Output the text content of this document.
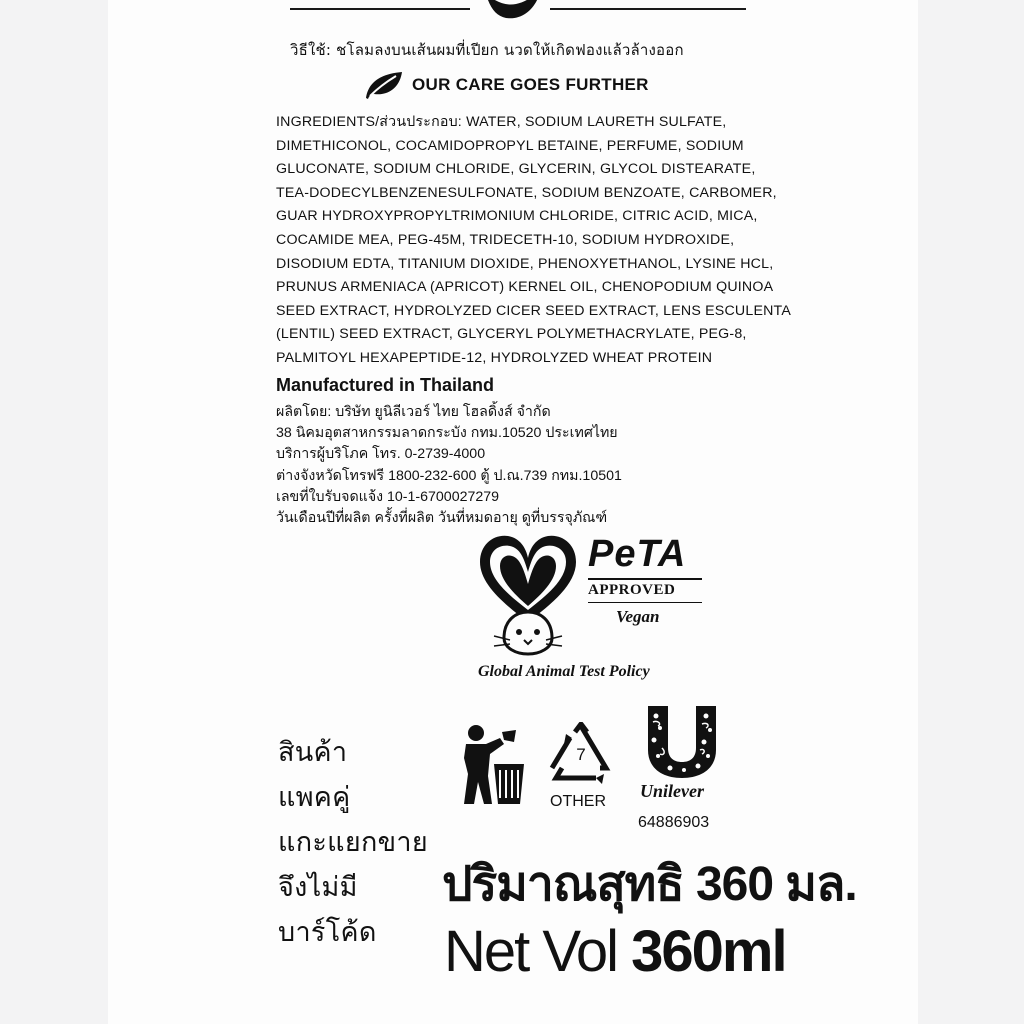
วิธีใช้: ชโลมลงบนเส้นผมที่เปียก นวดให้เกิดฟองแล้วล้างออก
OUR CARE GOES FURTHER
INGREDIENTS/ส่วนประกอบ: WATER, SODIUM LAURETH SULFATE,
DIMETHICONOL, COCAMIDOPROPYL BETAINE, PERFUME, SODIUM
GLUCONATE, SODIUM CHLORIDE, GLYCERIN, GLYCOL DISTEARATE,
TEA-DODECYLBENZENESULFONATE, SODIUM BENZOATE, CARBOMER,
GUAR HYDROXYPROPYLTRIMONIUM CHLORIDE, CITRIC ACID, MICA,
COCAMIDE MEA, PEG-45M, TRIDECETH-10, SODIUM HYDROXIDE,
DISODIUM EDTA, TITANIUM DIOXIDE, PHENOXYETHANOL, LYSINE HCL,
PRUNUS ARMENIACA (APRICOT) KERNEL OIL, CHENOPODIUM QUINOA
SEED EXTRACT, HYDROLYZED CICER SEED EXTRACT, LENS ESCULENTA
(LENTIL) SEED EXTRACT, GLYCERYL POLYMETHACRYLATE, PEG-8,
PALMITOYL HEXAPEPTIDE-12, HYDROLYZED WHEAT PROTEIN
Manufactured in Thailand
ผลิตโดย: บริษัท ยูนิลีเวอร์ ไทย โฮลดิ้งส์ จำกัด
38 นิคมอุตสาหกรรมลาดกระบัง กทม.10520 ประเทศไทย
บริการผู้บริโภค โทร. 0-2739-4000
ต่างจังหวัดโทรฟรี 1800-232-600 ตู้ ป.ณ.739 กทม.10501
เลขที่ใบรับจดแจ้ง 10-1-6700027279
วันเดือนปีที่ผลิต ครั้งที่ผลิต วันที่หมดอายุ ดูที่บรรจุภัณฑ์
PeTA
APPROVED
Vegan
Global Animal Test Policy
สินค้า
แพคคู่
แกะแยกขาย
จึงไม่มี
บาร์โค้ด
7
OTHER
Unilever
64886903
ปริมาณสุทธิ 360 มล.
Net Vol 360ml
